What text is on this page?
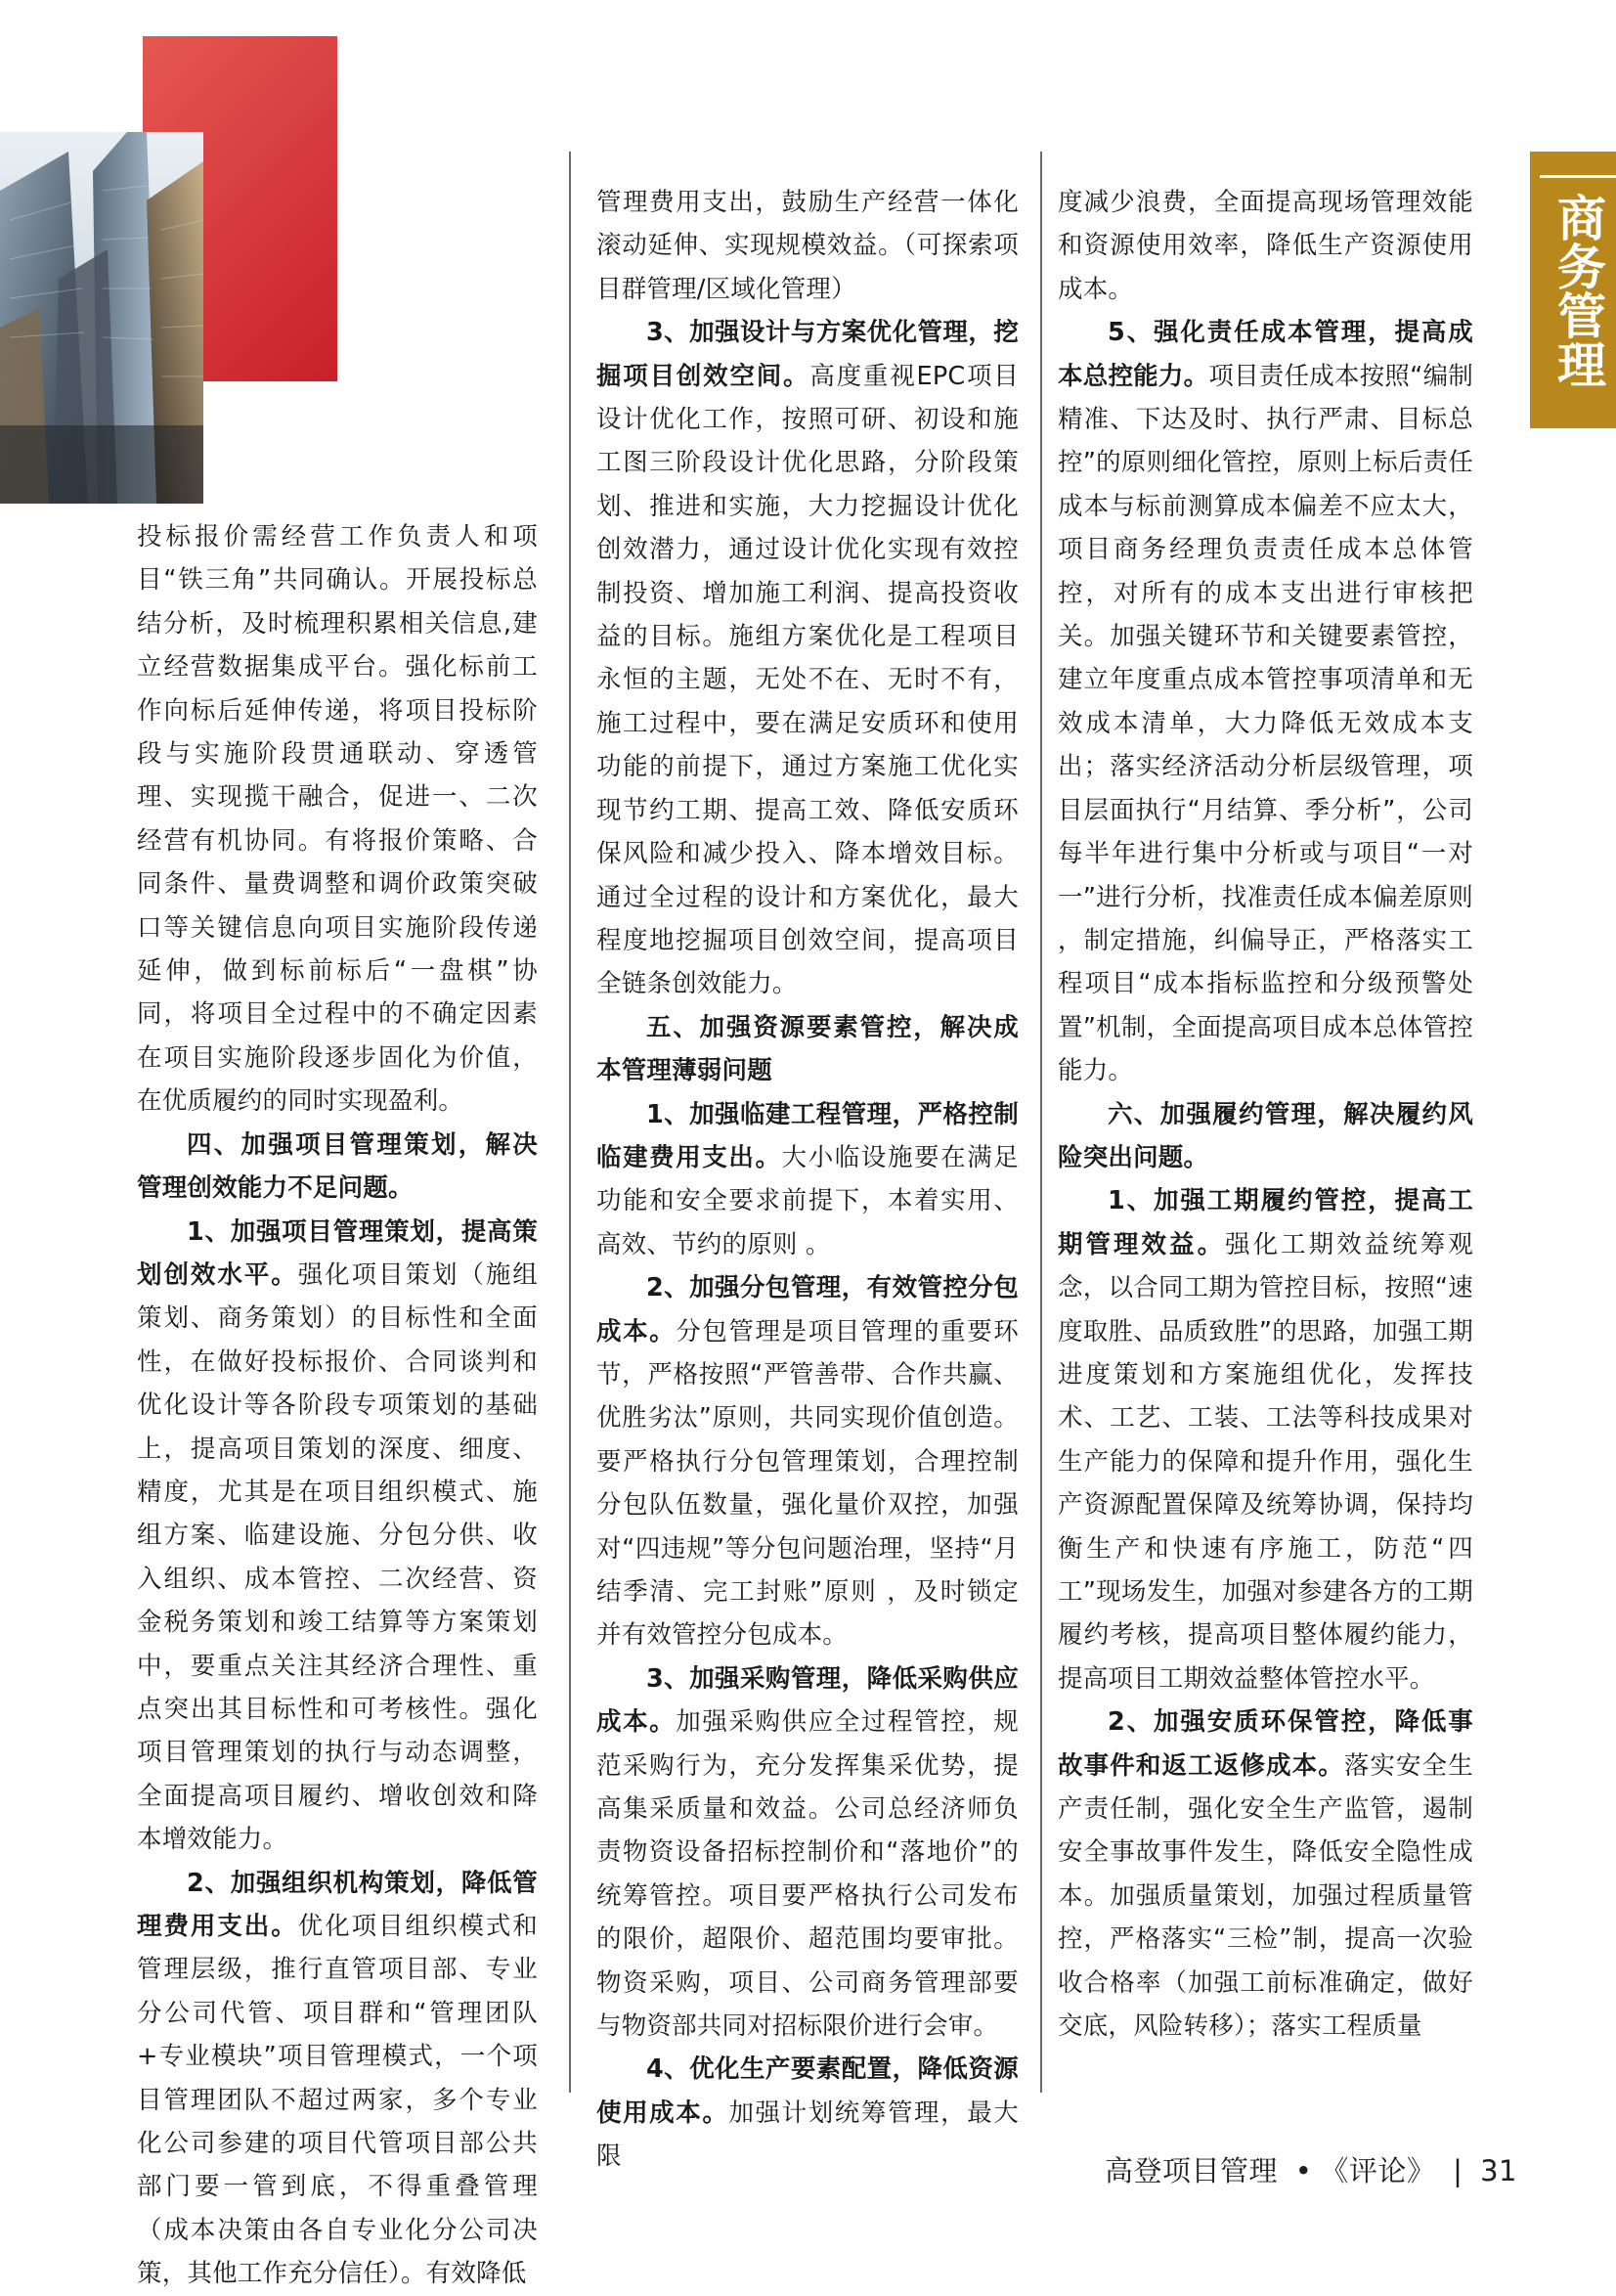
商务管理

投标报价需经营工作负责人和项目“铁三角”共同确认。开展投标总结分析，及时梳理积累相关信息,建立经营数据集成平台。强化标前工作向标后延伸传递，将项目投标阶段与实施阶段贯通联动、穿透管理、实现揽干融合，促进一、二次经营有机协同。有将报价策略、合同条件、量费调整和调价政策突破口等关键信息向项目实施阶段传递延伸，做到标前标后“一盘棋”协同，将项目全过程中的不确定因素在项目实施阶段逐步固化为价值，在优质履约的同时实现盈利。

四、加强项目管理策划，解决管理创效能力不足问题。

1、加强项目管理策划，提高策划创效水平。强化项目策划（施组策划、商务策划）的目标性和全面性，在做好投标报价、合同谈判和优化设计等各阶段专项策划的基础上，提高项目策划的深度、细度、精度，尤其是在项目组织模式、施组方案、临建设施、分包分供、收入组织、成本管控、二次经营、资金税务策划和竣工结算等方案策划中，要重点关注其经济合理性、重点突出其目标性和可考核性。强化项目管理策划的执行与动态调整，全面提高项目履约、增收创效和降本增效能力。

2、加强组织机构策划，降低管理费用支出。优化项目组织模式和管理层级，推行直管项目部、专业分公司代管、项目群和“管理团队+专业模块”项目管理模式，一个项目管理团队不超过两家，多个专业化公司参建的项目代管项目部公共部门要一管到底，不得重叠管理（成本决策由各自专业化分公司决策，其他工作充分信任）。有效降低

管理费用支出，鼓励生产经营一体化滚动延伸、实现规模效益。（可探索项目群管理/区域化管理）

3、加强设计与方案优化管理，挖掘项目创效空间。高度重视EPC项目设计优化工作，按照可研、初设和施工图三阶段设计优化思路，分阶段策划、推进和实施，大力挖掘设计优化创效潜力，通过设计优化实现有效控制投资、增加施工利润、提高投资收益的目标。施组方案优化是工程项目永恒的主题，无处不在、无时不有，施工过程中，要在满足安质环和使用功能的前提下，通过方案施工优化实现节约工期、提高工效、降低安质环保风险和减少投入、降本增效目标。通过全过程的设计和方案优化，最大程度地挖掘项目创效空间，提高项目全链条创效能力。

五、加强资源要素管控，解决成本管理薄弱问题

1、加强临建工程管理，严格控制临建费用支出。大小临设施要在满足功能和安全要求前提下，本着实用、高效、节约的原则 。

2、加强分包管理，有效管控分包成本。分包管理是项目管理的重要环节，严格按照“严管善带、合作共赢、优胜劣汰”原则，共同实现价值创造。要严格执行分包管理策划，合理控制分包队伍数量，强化量价双控，加强对“四违规”等分包问题治理，坚持“月结季清、完工封账”原则 ，及时锁定并有效管控分包成本。

3、加强采购管理，降低采购供应成本。加强采购供应全过程管控，规范采购行为，充分发挥集采优势，提高集采质量和效益。公司总经济师负责物资设备招标控制价和“落地价”的统筹管控。项目要严格执行公司发布的限价，超限价、超范围均要审批。物资采购，项目、公司商务管理部要与物资部共同对招标限价进行会审。

4、优化生产要素配置，降低资源使用成本。加强计划统筹管理，最大限

度减少浪费，全面提高现场管理效能和资源使用效率，降低生产资源使用成本。

5、强化责任成本管理，提高成本总控能力。项目责任成本按照“编制精准、下达及时、执行严肃、目标总控”的原则细化管控，原则上标后责任成本与标前测算成本偏差不应太大，项目商务经理负责责任成本总体管控，对所有的成本支出进行审核把关。加强关键环节和关键要素管控，建立年度重点成本管控事项清单和无效成本清单，大力降低无效成本支出；落实经济活动分析层级管理，项目层面执行“月结算、季分析”，公司每半年进行集中分析或与项目“一对一”进行分析，找准责任成本偏差原则 ，制定措施，纠偏导正，严格落实工程项目“成本指标监控和分级预警处置”机制，全面提高项目成本总体管控能力。

六、加强履约管理，解决履约风险突出问题。

1、加强工期履约管控，提高工期管理效益。强化工期效益统筹观念，以合同工期为管控目标，按照“速度取胜、品质致胜”的思路，加强工期进度策划和方案施组优化，发挥技术、工艺、工装、工法等科技成果对生产能力的保障和提升作用，强化生产资源配置保障及统筹协调，保持均衡生产和快速有序施工，防范“四工”现场发生，加强对参建各方的工期履约考核，提高项目整体履约能力，提高项目工期效益整体管控水平。

2、加强安质环保管控，降低事故事件和返工返修成本。落实安全生产责任制，强化安全生产监管，遏制安全事故事件发生，降低安全隐性成本。加强质量策划，加强过程质量管控，严格落实“三检”制，提高一次验收合格率（加强工前标准确定，做好交底，风险转移）；落实工程质量

高登项目管理 • 《评论》 | 31
